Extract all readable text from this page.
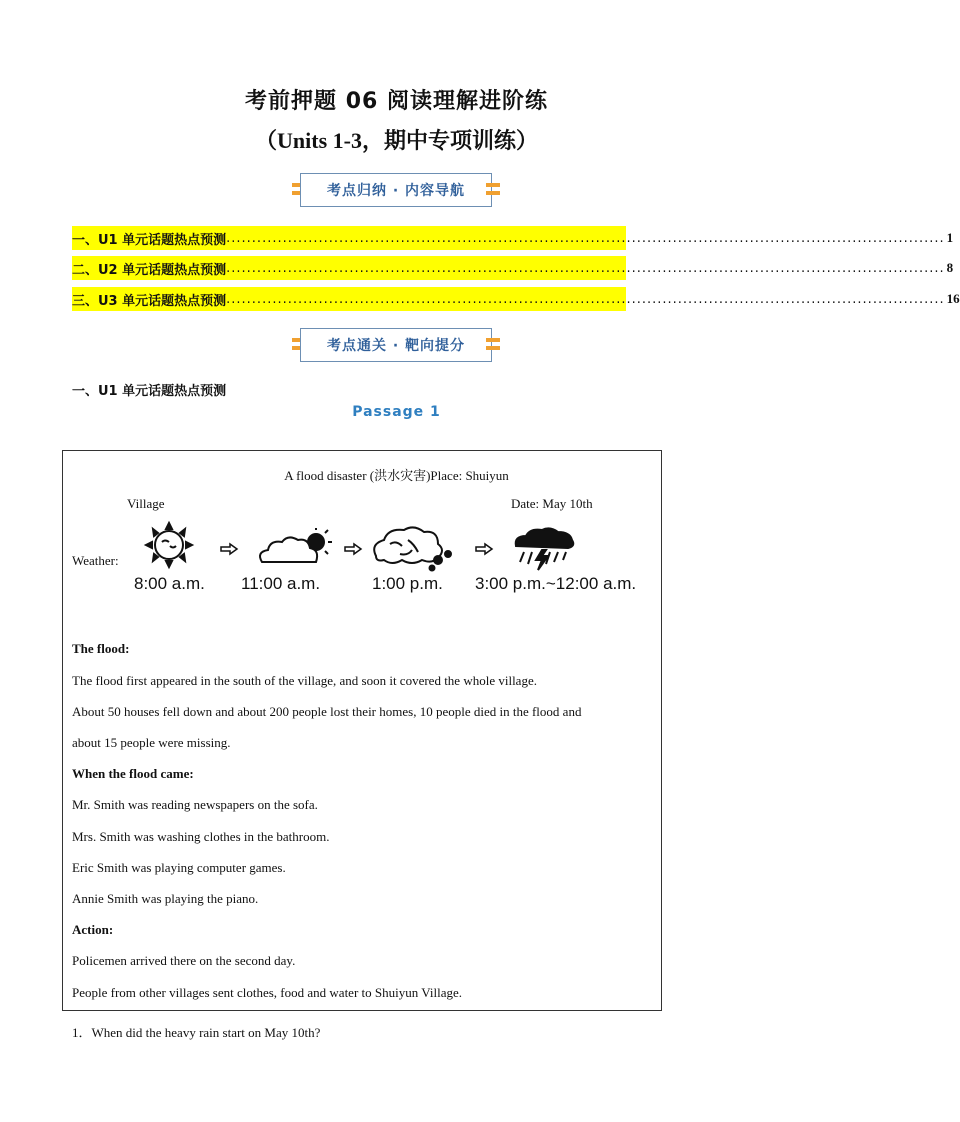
考前押题 06 阅读理解进阶练
（Units 1-3，期中专项训练）
考点归纳 · 内容导航
一、U1 单元话题热点预测 ............................................................................................................................................ 1
二、U2 单元话题热点预测 ............................................................................................................................................ 8
三、U3 单元话题热点预测 ............................................................................................................................................ 16
考点通关 · 靶向提分
一、U1 单元话题热点预测
Passage 1
A flood disaster (洪水灾害)Place: Shuiyun
Village	Date: May 10th
Weather:
8:00 a.m. 11:00 a.m.	1:00 p.m. 3:00 p.m.~12:00 a.m.
The flood:
The flood first appeared in the south of the village, and soon it covered the whole village.
About 50 houses fell down and about 200 people lost their homes, 10 people died in the flood and
about 15 people were missing.
When the flood came:
Mr. Smith was reading newspapers on the sofa.
Mrs. Smith was washing clothes in the bathroom.
Eric Smith was playing computer games.
Annie Smith was playing the piano.
Action:
Policemen arrived there on the second day.
People from other villages sent clothes, food and water to Shuiyun Village.
1．When did the heavy rain start on May 10th?
